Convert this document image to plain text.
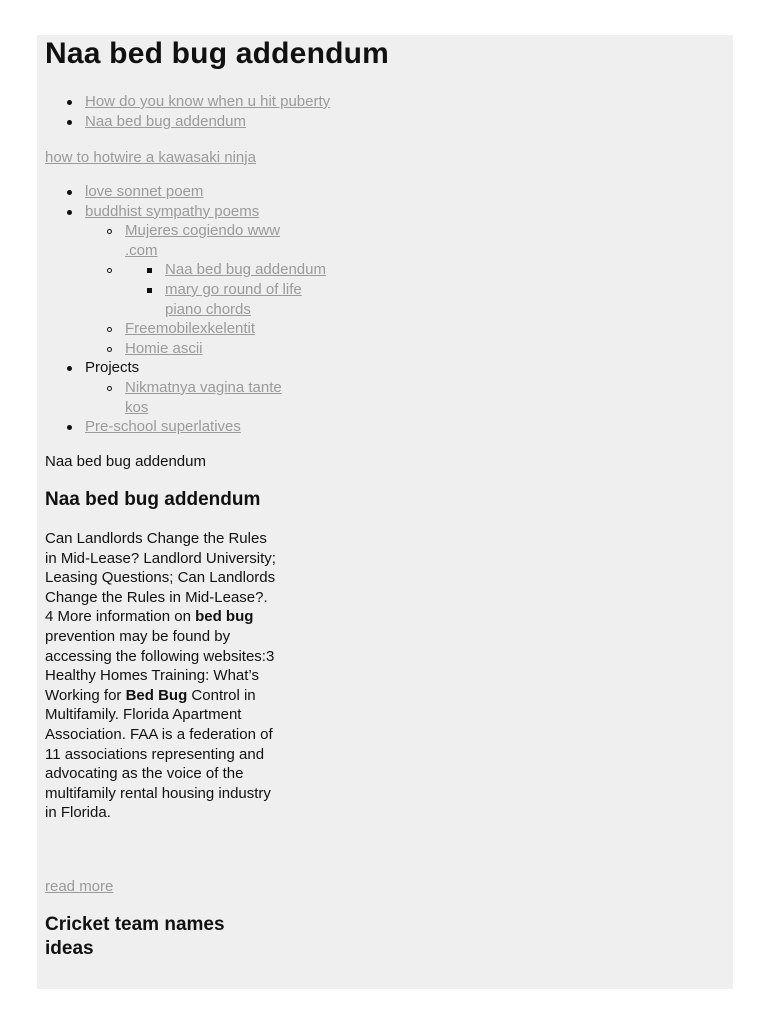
Naa bed bug addendum
How do you know when u hit puberty
Naa bed bug addendum
how to hotwire a kawasaki ninja
love sonnet poem
buddhist sympathy poems
Mujeres cogiendo www .com
Naa bed bug addendum
mary go round of life piano chords
Freemobilexkelentit
Homie ascii
Projects
Nikmatnya vagina tante kos
Pre-school superlatives
Naa bed bug addendum
Naa bed bug addendum
Can Landlords Change the Rules in Mid-Lease? Landlord University; Leasing Questions; Can Landlords Change the Rules in Mid-Lease?. 4 More information on bed bug prevention may be found by accessing the following websites:3 Healthy Homes Training: What’s Working for Bed Bug Control in Multifamily. Florida Apartment Association. FAA is a federation of 11 associations representing and advocating as the voice of the multifamily rental housing industry in Florida.
read more
Cricket team names ideas
